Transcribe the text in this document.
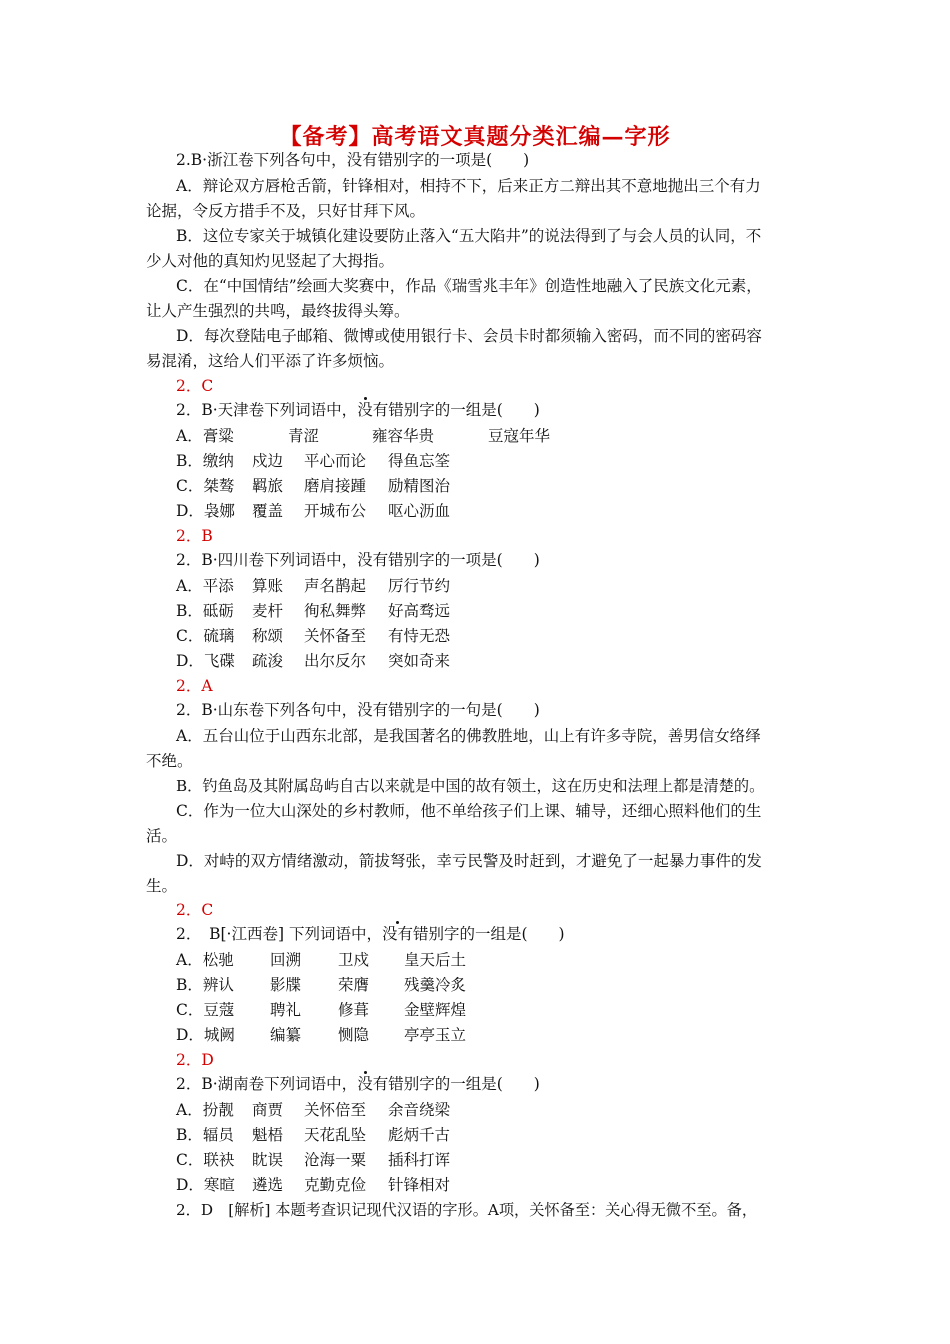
【备考】高考语文真题分类汇编—字形
2.B·浙江卷下列各句中，没有错别字的一项是(　　)
A．辩论双方唇枪舌箭，针锋相对，相持不下，后来正方二辩出其不意地抛出三个有力
论据，令反方措手不及，只好甘拜下风。
B．这位专家关于城镇化建设要防止落入“五大陷井”的说法得到了与会人员的认同，不
少人对他的真知灼见竖起了大拇指。
C．在“中国情结”绘画大奖赛中，作品《瑞雪兆丰年》创造性地融入了民族文化元素，
让人产生强烈的共鸣，最终拔得头筹。
D．每次登陆电子邮箱、微博或使用银行卡、会员卡时都须输入密码，而不同的密码容
易混淆，这给人们平添了许多烦恼。
2．C
2．B·天津卷下列词语中，没有错别字的一组是(　　)
A．膏粱	青涩	雍容华贵	豆寇年华
B．缴纳 戍边 平心而论 得鱼忘筌
C．桀骜 羁旅 磨肩接踵 励精图治
D．袅娜 覆盖 开城布公 呕心沥血
2．B
2．B·四川卷下列词语中，没有错别字的一项是(　　)
A．平添 算账 声名鹊起 厉行节约
B．砥砺 麦杆 徇私舞弊 好高骛远
C．硫璃 称颂 关怀备至 有恃无恐
D．飞碟 疏浚 出尔反尔 突如奇来
2．A
2．B·山东卷下列各句中，没有错别字的一句是(　　)
A．五台山位于山西东北部，是我国著名的佛教胜地，山上有许多寺院，善男信女络绎
不绝。
B．钓鱼岛及其附属岛屿自古以来就是中国的故有领土，这在历史和法理上都是清楚的。
C．作为一位大山深处的乡村教师，他不单给孩子们上课、辅导，还细心照料他们的生
活。
D．对峙的双方情绪激动，箭拔弩张，幸亏民警及时赶到，才避免了一起暴力事件的发
生。
2．C
2．　B[·江西卷] 下列词语中，没有错别字的一组是(　　)
A．松驰 回溯 卫戍 皇天后土
B．辨认 影牒 荣膺 残羹冷炙
C．豆蔻 聘礼 修葺 金壁辉煌
D．城阙 编纂 恻隐 亭亭玉立
2．D
2．B·湖南卷下列词语中，没有错别字的一组是(　　)
A．扮靓 商贾 关怀倍至 余音绕梁
B．辐员 魁梧 天花乱坠 彪炳千古
C．联袂 眈误 沧海一粟 插科打诨
D．寒暄 遴选 克勤克俭 针锋相对
2．D　[解析] 本题考查识记现代汉语的字形。A项，关怀备至：关心得无微不至。备，
